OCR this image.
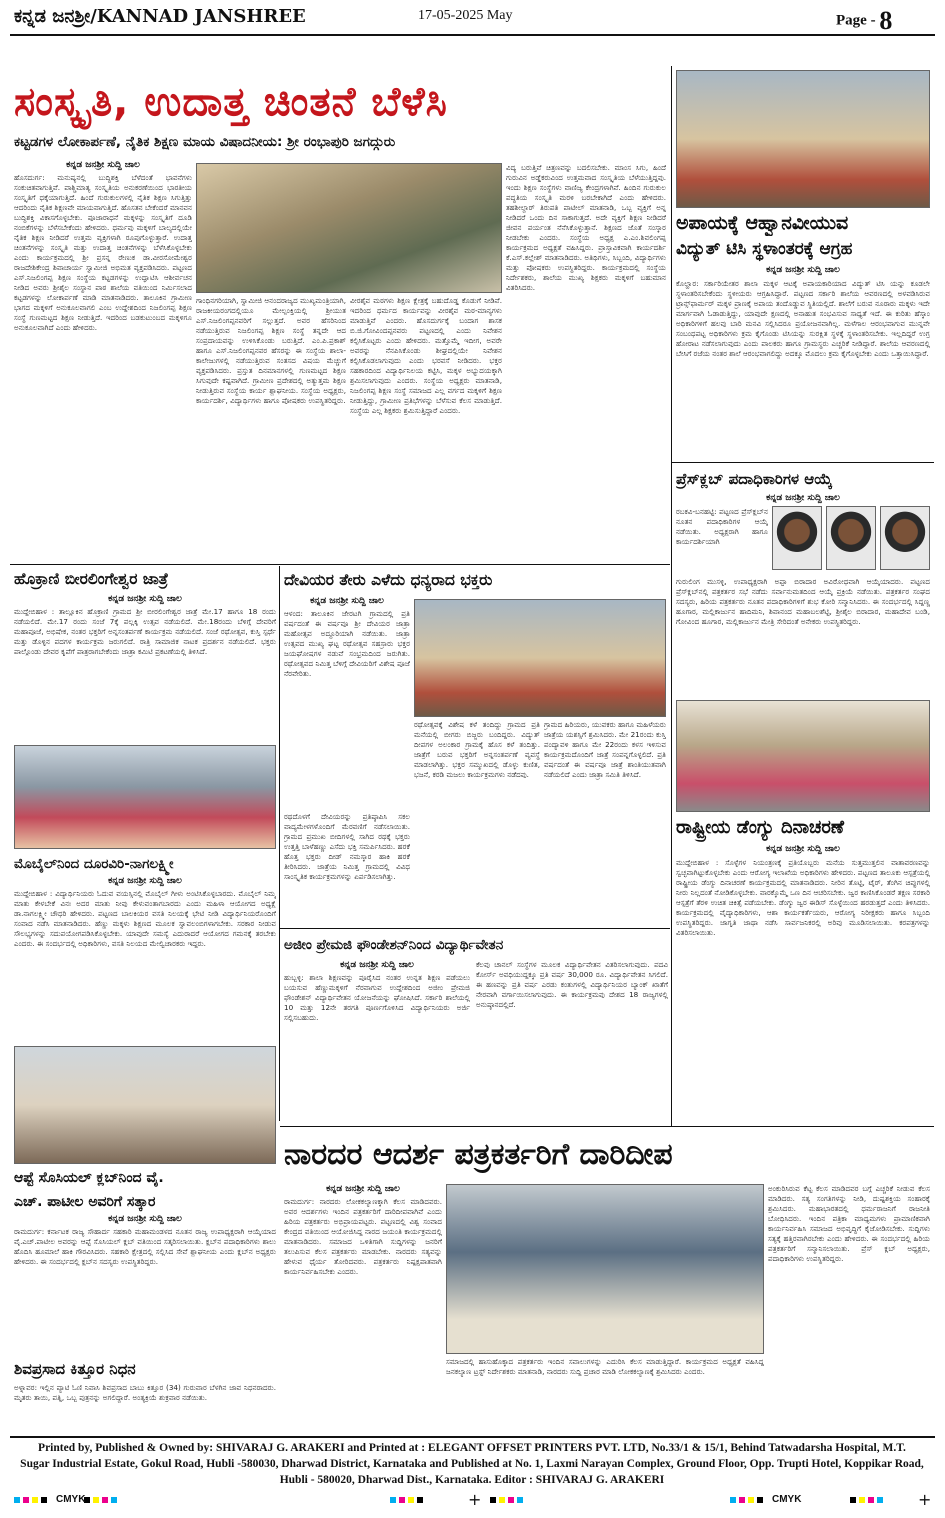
ಕನ್ನಡ ಜನಶ್ರೀ/KANNAD JANSHREE	17-05-2025 May	Page - 8
ಸಂಸ್ಕೃತಿ, ಉದಾತ್ತ ಚಿಂತನೆ ಬೆಳೆಸಿ
ಕಟ್ಟಡಗಳ ಲೋಕಾರ್ಪಣೆ, ನೈತಿಕ ಶಿಕ್ಷಣ ಮಾಯ ವಿಷಾದನೀಯ: ಶ್ರೀ ರಂಭಾಪುರಿ ಜಗದ್ಗುರು
ಕನ್ನಡ ಜನಶ್ರೀ ಸುದ್ದಿ ಜಾಲ
ಹೊಸದುರ್ಗ: ಮನುಷ್ಯನಲ್ಲಿ ಬುದ್ಧಿಶಕ್ತಿ ಬೆಳೆದಂತೆ ಭಾವನೆಗಳು ಸಂಕುಚಿತವಾಗುತ್ತಿವೆ. ಪಾಶ್ಚಿಮಾತ್ಯ ಸಂಸ್ಕೃತಿಯ ಅನುಕರಣೆಯಿಂದ ಭಾರತೀಯ ಸಂಸ್ಕೃತಿಗೆ ಧಕ್ಕೆಯಾಗುತ್ತಿದೆ. ಹಿಂದೆ ಗುರುಕುಲಗಳಲ್ಲಿ ನೈತಿಕ ಶಿಕ್ಷಣ ಸಿಗುತ್ತಿತ್ತು ಆದರಿಂದು ನೈತಿಕ ಶಿಕ್ಷಣವೇ ಮಾಯವಾಗುತ್ತಿದೆ. ಹೊಸತನ ಬೇಕೆಂದರೆ ಮಾನವನ ಬುದ್ಧಿಶಕ್ತಿ ವಿಕಾಸಗೊಳ್ಳಬೇಕು. ಪೂಜಾರಾಧನೆ ಮಕ್ಕಳನ್ನು ಸಂಸ್ಕೃತಿಗೆ ದೂಡಿ ನಂಬಿಕೆಗಳನ್ನು ಬೆಳೆಸಬೇಕೆಂದು ಹೇಳಿದರು. ಧರ್ಮವು ಮಕ್ಕಳಿಗೆ ಬಾಲ್ಯದಲ್ಲಿಯೇ ನೈತಿಕ ಶಿಕ್ಷಣ ನೀಡಿದರೆ ಉತ್ತಮ ವ್ಯಕ್ತಿಗಳಾಗಿ ರೂಪುಗೊಳ್ಳುತ್ತಾರೆ. ಉದಾತ್ತ ಚಿಂತನೆಗಳನ್ನು ಸಂಸ್ಕೃತಿ ಮತ್ತು ಉದಾತ್ತ ಚಿಂತನೆಗಳನ್ನು ಬೆಳೆಸಿಕೊಳ್ಳಬೇಕು ಎಂದು ಕಾರ್ಯಕ್ರಮದಲ್ಲಿ ಶ್ರೀ ಪ್ರಸನ್ನ ರೇಣುಕ ಡಾ.ವೀರಸೋಮೇಶ್ವರ ರಾಜದೇಶಿಕೇಂದ್ರ ಶಿವಾಚಾರ್ಯ ಸ್ವಾಮೀಜಿ ಅಭಿಮತ ವ್ಯಕ್ತಪಡಿಸಿದರು. ಪಟ್ಟಣದ ಎಸ್.ನಿಜಲಿಂಗಪ್ಪ ಶಿಕ್ಷಣ ಸಂಸ್ಥೆಯ ಕಟ್ಟಡಗಳನ್ನು ಉದ್ಘಾಟಿಸಿ ಆಶೀರ್ವಚನ ನೀಡಿದ ಅವರು ಶ್ರೀಶೈಲ ಸಂಸ್ಥಾನ ಪಾಠ ಶಾಲೆಯ ವತಿಯಿಂದ ನಿರ್ಮಿಸಲಾದ ಕಟ್ಟಡಗಳನ್ನು ಲೋಕಾರ್ಪಣೆ ಮಾಡಿ ಮಾತನಾಡಿದರು. ತಾಲೂಕಿನ ಗ್ರಾಮೀಣ ಭಾಗದ ಮಕ್ಕಳಿಗೆ ಅನುಕೂಲವಾಗಲಿ ಎಂಬ ಉದ್ದೇಶದಿಂದ ನಿಜಲಿಂಗಪ್ಪ ಶಿಕ್ಷಣ ಸಂಸ್ಥೆ ಗುಣಮಟ್ಟದ ಶಿಕ್ಷಣ ನೀಡುತ್ತಿದೆ. ಇದರಿಂದ ಬಡಕುಟುಂಬದ ಮಕ್ಕಳಿಗೂ ಅನುಕೂಲವಾಗಿದೆ ಎಂದು ಹೇಳಿದರು.
ಗಾಂಧಿನಗರಿಯಾಗಿ, ಸ್ವಾಮೀಜಿ ಆನಂದರಾಜ್ಯದ ಮುಖ್ಯಮಂತ್ರಿಯಾಗಿ, ರಾಜಕೀಯರಂಗದಲ್ಲಿಯೂ ಮೇಲ್ಪಂಕ್ತಿಯಲ್ಲಿ ಶ್ರೀಯುತ ಎಸ್.ನಿಜಲಿಂಗಪ್ಪನವರಿಗೆ ಸಲ್ಲುತ್ತದೆ. ಅವರ ಹೆಸರಿನಿಂದ ನಡೆಯುತ್ತಿರುವ ನಿಜಲಿಂಗಪ್ಪ ಶಿಕ್ಷಣ ಸಂಸ್ಥೆ ತನ್ನದೇ ಆದ ಸಂಪ್ರದಾಯವನ್ನು ಉಳಿಸಿಕೊಂಡು ಬರುತ್ತಿದೆ. ಎಂ.ಪಿ.ಪ್ರಕಾಶ್ ಹಾಗೂ ಎಸ್.ನಿಜಲಿಂಗಪ್ಪನವರ ಹೆಸರನ್ನು ಈ ಸಂಸ್ಥೆಯ ಶಾಲಾ-ಕಾಲೇಜುಗಳಲ್ಲಿ ನಡೆಯುತ್ತಿರುವ ಸಂತಸದ ವಿಷಯ ಮೆಚ್ಚುಗೆ ವ್ಯಕ್ತಪಡಿಸಿದರು. ಪ್ರಸ್ತುತ ದಿನಮಾನಗಳಲ್ಲಿ ಗುಣಮಟ್ಟದ ಶಿಕ್ಷಣ ಸಿಗುವುದೇ ಕಷ್ಟವಾಗಿದೆ. ಗ್ರಾಮೀಣ ಪ್ರದೇಶದಲ್ಲಿ ಅತ್ಯುತ್ತಮ ಶಿಕ್ಷಣ ನೀಡುತ್ತಿರುವ ಸಂಸ್ಥೆಯ ಕಾರ್ಯ ಶ್ಲಾಘನೀಯ. ಸಂಸ್ಥೆಯ ಅಧ್ಯಕ್ಷರು, ಕಾರ್ಯದರ್ಶಿ, ವಿದ್ಯಾರ್ಥಿಗಳು ಹಾಗೂ ಪೋಷಕರು ಉಪಸ್ಥಿತರಿದ್ದರು.
ವೀರಶೈವ ಮಠಗಳು ಶಿಕ್ಷಣ ಕ್ಷೇತ್ರಕ್ಕೆ ಬಹುದೊಡ್ಡ ಕೊಡುಗೆ ನೀಡಿವೆ. ಇದರಿಂದ ಧರ್ಮದ ಕಾರ್ಯವನ್ನು ವೀರಶೈವ ಮಠ-ಮಾನ್ಯಗಳು ಮಾಡುತ್ತಿವೆ ಎಂದರು. ಹೊಸದುರ್ಗಕ್ಕೆ ಬಂದಾಗ ಶಾಸಕ ಬಿ.ಜಿ.ಗೋವಿಂದಪ್ಪನವರು ಪಟ್ಟಣದಲ್ಲಿ ಎಂದು ನಿವೇಶನ ಕಲ್ಪಿಸಿಕೊಟ್ಟರು ಎಂದು ಹೇಳಿದರು. ಮತ್ತೊಮ್ಮೆ ಇದೀಗ, ಅವರೇ ಅವರನ್ನು ನೆನಪಿಸಿಕೊಂಡು ಶೀಘ್ರದಲ್ಲಿಯೇ ನಿವೇಶನ ಕಲ್ಪಿಸಿಕೊಡಲಾಗುವುದು ಎಂದು ಭರವಸೆ ನೀಡಿದರು. ಭಕ್ತರ ಸಹಕಾರದಿಂದ ವಿದ್ಯಾರ್ಥಿನಿಲಯ ಕಟ್ಟಿಸಿ, ಮಕ್ಕಳ ಅಭ್ಯುದಯಕ್ಕಾಗಿ ಶ್ರಮಿಸಲಾಗುವುದು ಎಂದರು. ಸಂಸ್ಥೆಯ ಅಧ್ಯಕ್ಷರು ಮಾತನಾಡಿ, ನಿಜಲಿಂಗಪ್ಪ ಶಿಕ್ಷಣ ಸಂಸ್ಥೆ ಸಮಾಜದ ಎಲ್ಲ ವರ್ಗದ ಮಕ್ಕಳಿಗೆ ಶಿಕ್ಷಣ ನೀಡುತ್ತಿದ್ದು, ಗ್ರಾಮೀಣ ಪ್ರತಿಭೆಗಳನ್ನು ಬೆಳೆಸುವ ಕೆಲಸ ಮಾಡುತ್ತಿದೆ. ಸಂಸ್ಥೆಯ ಎಲ್ಲ ಶಿಕ್ಷಕರು ಶ್ರಮಿಸುತ್ತಿದ್ದಾರೆ ಎಂದರು.
ವಿದ್ಯ ಬರುತ್ತಿವೆ ಚಿತ್ರಣವನ್ನು ಬದಲಿಸಬೇಕು. ಮಾಂಸ ಸಿಗು, ಹಿಂದೆ ಗುರುವಿನ ಅಡ್ಡೆಕರುವಿಂದ ಉತ್ತಮವಾದ ಸಂಸ್ಕೃತಿಯ ಬೆಳೆಯುತ್ತಿದ್ದವು. ಇಂದು ಶಿಕ್ಷಣ ಸಂಸ್ಥೆಗಳು ವಾಣಿಜ್ಯ ಕೇಂದ್ರಗಳಾಗಿವೆ. ಹಿಂದಿನ ಗುರುಕುಲ ಪದ್ಧತಿಯ ಸಂಸ್ಕೃತಿ ಮರಳಿ ಬರಬೇಕಾಗಿದೆ ಎಂದು ಹೇಳಿದರು. ತಹಶೀಲ್ದಾರ್ ತಿರುಪತಿ ಪಾಟೀಲ್ ಮಾತನಾಡಿ, ಒಬ್ಬ ವ್ಯಕ್ತಿಗೆ ಅನ್ನ ನೀಡಿದರೆ ಒಂದು ದಿನ ಸಾಕಾಗುತ್ತದೆ. ಅದೇ ವ್ಯಕ್ತಿಗೆ ಶಿಕ್ಷಣ ನೀಡಿದರೆ ಜೀವನ ಪರ್ಯಂತ ನೆನೆಸಿಕೊಳ್ಳುತ್ತಾನೆ. ಶಿಕ್ಷಣದ ಜೊತೆ ಸಂಸ್ಕಾರ ನೀಡಬೇಕು ಎಂದರು. ಸಂಸ್ಥೆಯ ಅಧ್ಯಕ್ಷ ಎ.ಎಂ.ಶಿವಲಿಂಗಪ್ಪ ಕಾರ್ಯಕ್ರಮದ ಅಧ್ಯಕ್ಷತೆ ವಹಿಸಿದ್ದರು. ಪ್ರಾಸ್ತಾವಿಕವಾಗಿ ಕಾರ್ಯದರ್ಶಿ ಕೆ.ಎಸ್.ಕಲ್ಲೇಶ್ ಮಾತನಾಡಿದರು. ಅತಿಥಿಗಳು, ಸಿಬ್ಬಂದಿ, ವಿದ್ಯಾರ್ಥಿಗಳು ಮತ್ತು ಪೋಷಕರು ಉಪಸ್ಥಿತರಿದ್ದರು. ಕಾರ್ಯಕ್ರಮದಲ್ಲಿ ಸಂಸ್ಥೆಯ ನಿರ್ದೇಶಕರು, ಶಾಲೆಯ ಮುಖ್ಯ ಶಿಕ್ಷಕರು ಮಕ್ಕಳಿಗೆ ಬಹುಮಾನ ವಿತರಿಸಿದರು.
ಅಪಾಯಕ್ಕೆ ಆಹ್ವಾನವೀಯುವ
ವಿದ್ಯುತ್ ಟಿಸಿ ಸ್ಥಳಾಂತರಕ್ಕೆ ಆಗ್ರಹ
ಕನ್ನಡ ಜನಶ್ರೀ ಸುದ್ದಿ ಜಾಲ
ಕೊಲ್ಹಾರ: ಸರ್ಕಾರಿಯೇತರ ಶಾಲಾ ಮಕ್ಕಳ ಆಟಕ್ಕೆ ಅಪಾಯಕಾರಿಯಾದ ವಿದ್ಯುತ್ ಟಿಸಿ ಯನ್ನು ಕೂಡಲೇ ಸ್ಥಳಾಂತರಿಸಬೇಕೆಂದು ಸ್ಥಳೀಯರು ಆಗ್ರಹಿಸಿದ್ದಾರೆ. ಪಟ್ಟಣದ ಸರ್ಕಾರಿ ಶಾಲೆಯ ಆವರಣದಲ್ಲಿ ಅಳವಡಿಸಿರುವ ಟ್ರಾನ್ಸ್‌ಫಾರ್ಮರ್ ಮಕ್ಕಳ ಪ್ರಾಣಕ್ಕೆ ಅಪಾಯ ತಂದೊಡ್ಡುವ ಸ್ಥಿತಿಯಲ್ಲಿದೆ. ಶಾಲೆಗೆ ಬರುವ ನೂರಾರು ಮಕ್ಕಳು ಇದೇ ಮಾರ್ಗವಾಗಿ ಓಡಾಡುತ್ತಿದ್ದು, ಯಾವುದೇ ಕ್ಷಣದಲ್ಲಿ ಅನಾಹುತ ಸಂಭವಿಸುವ ಸಾಧ್ಯತೆ ಇದೆ. ಈ ಕುರಿತು ಹೆಸ್ಕಾಂ ಅಧಿಕಾರಿಗಳಿಗೆ ಹಲವು ಬಾರಿ ಮನವಿ ಸಲ್ಲಿಸಿದರೂ ಪ್ರಯೋಜನವಾಗಿಲ್ಲ. ಮಳೆಗಾಲ ಆರಂಭವಾಗುವ ಮುನ್ನವೇ ಸಂಬಂಧಪಟ್ಟ ಅಧಿಕಾರಿಗಳು ಕ್ರಮ ಕೈಗೊಂಡು ಟಿಸಿಯನ್ನು ಸುರಕ್ಷಿತ ಸ್ಥಳಕ್ಕೆ ಸ್ಥಳಾಂತರಿಸಬೇಕು. ಇಲ್ಲದಿದ್ದರೆ ಉಗ್ರ ಹೋರಾಟ ನಡೆಸಲಾಗುವುದು ಎಂದು ಪಾಲಕರು ಹಾಗೂ ಗ್ರಾಮಸ್ಥರು ಎಚ್ಚರಿಕೆ ನೀಡಿದ್ದಾರೆ. ಶಾಲೆಯ ಆವರಣದಲ್ಲಿ ಬೇಸಿಗೆ ರಜೆಯ ನಂತರ ಶಾಲೆ ಆರಂಭವಾಗಲಿದ್ದು ಅದಕ್ಕೂ ಮೊದಲು ಕ್ರಮ ಕೈಗೊಳ್ಳಬೇಕು ಎಂದು ಒತ್ತಾಯಿಸಿದ್ದಾರೆ.
ಪ್ರೆಸ್‌ಕ್ಲಬ್ ಪದಾಧಿಕಾರಿಗಳ ಆಯ್ಕೆ
ಕನ್ನಡ ಜನಶ್ರೀ ಸುದ್ದಿ ಜಾಲ
ರಬಕವಿ-ಬನಹಟ್ಟಿ: ಪಟ್ಟಣದ ಪ್ರೆಸ್‌ಕ್ಲಬ್‌ನ ನೂತನ ಪದಾಧಿಕಾರಿಗಳ ಆಯ್ಕೆ ನಡೆಯಿತು. ಅಧ್ಯಕ್ಷರಾಗಿ ಹಾಗೂ ಕಾರ್ಯದರ್ಶಿಯಾಗಿ
ಗುರುಲಿಂಗ ಮುಸಳ್ಳಿ, ಉಪಾಧ್ಯಕ್ಷರಾಗಿ ಅಪ್ಪಾ ಬಿರಾದಾರ ಅವಿರೋಧವಾಗಿ ಆಯ್ಕೆಯಾದರು. ಪಟ್ಟಣದ ಪ್ರೆಸ್‌ಕ್ಲಬ್‌ನಲ್ಲಿ ಪತ್ರಕರ್ತರ ಸಭೆ ನಡೆದು ಸರ್ವಾನುಮತದಿಂದ ಆಯ್ಕೆ ಪ್ರಕ್ರಿಯೆ ನಡೆಯಿತು. ಪತ್ರಕರ್ತರ ಸಂಘದ ಸದಸ್ಯರು, ಹಿರಿಯ ಪತ್ರಕರ್ತರು ನೂತನ ಪದಾಧಿಕಾರಿಗಳಿಗೆ ಶುಭ ಕೋರಿ ಸನ್ಮಾನಿಸಿದರು. ಈ ಸಂದರ್ಭದಲ್ಲಿ ಸಿದ್ದಣ್ಣ ಹೂಗಾರ, ಮಲ್ಲಿಕಾರ್ಜುನ ಹಾದಿಮನಿ, ಶಿವಾನಂದ ಮಹಾಬಲಶೆಟ್ಟಿ, ಶ್ರೀಶೈಲ ಬಿರಾದಾರ, ಮಹಾದೇವ ಬಂಡಿ, ಗೋವಿಂದ ಹೂಗಾರ, ಮಲ್ಲಿಕಾರ್ಜುನ ಮೇತ್ರಿ ಸೇರಿದಂತೆ ಅನೇಕರು ಉಪಸ್ಥಿತರಿದ್ದರು.
ರಾಷ್ಟ್ರೀಯ ಡೆಂಗ್ಯು ದಿನಾಚರಣೆ
ಕನ್ನಡ ಜನಶ್ರೀ ಸುದ್ದಿ ಜಾಲ
ಮುದ್ದೇಬಿಹಾಳ : ಸೊಳ್ಳೆಗಳ ನಿಯಂತ್ರಣಕ್ಕೆ ಪ್ರತಿಯೊಬ್ಬರು ಮನೆಯ ಸುತ್ತಮುತ್ತಲಿನ ವಾತಾವರಣವನ್ನು ಸ್ವಚ್ಛವಾಗಿಟ್ಟುಕೊಳ್ಳಬೇಕು ಎಂದು ಆರೋಗ್ಯ ಇಲಾಖೆಯ ಅಧಿಕಾರಿಗಳು ಹೇಳಿದರು. ಪಟ್ಟಣದ ತಾಲೂಕು ಆಸ್ಪತ್ರೆಯಲ್ಲಿ ರಾಷ್ಟ್ರೀಯ ಡೆಂಗ್ಯು ದಿನಾಚರಣೆ ಕಾರ್ಯಕ್ರಮದಲ್ಲಿ ಮಾತನಾಡಿದರು. ನೀರಿನ ತೊಟ್ಟಿ, ಟೈರ್, ತೆಂಗಿನ ಚಿಪ್ಪುಗಳಲ್ಲಿ ನೀರು ನಿಲ್ಲದಂತೆ ನೋಡಿಕೊಳ್ಳಬೇಕು. ವಾರಕ್ಕೊಮ್ಮೆ ಒಣ ದಿನ ಆಚರಿಸಬೇಕು. ಜ್ವರ ಕಾಣಿಸಿಕೊಂಡರೆ ತಕ್ಷಣ ಸರಕಾರಿ ಆಸ್ಪತ್ರೆಗೆ ತೆರಳಿ ಉಚಿತ ಚಿಕಿತ್ಸೆ ಪಡೆಯಬೇಕು. ಡೆಂಗ್ಯು ಜ್ವರ ಈಡಿಸ್ ಸೊಳ್ಳೆಯಿಂದ ಹರಡುತ್ತದೆ ಎಂದು ತಿಳಿಸಿದರು. ಕಾರ್ಯಕ್ರಮದಲ್ಲಿ ವೈದ್ಯಾಧಿಕಾರಿಗಳು, ಆಶಾ ಕಾರ್ಯಕರ್ತೆಯರು, ಆರೋಗ್ಯ ನಿರೀಕ್ಷಕರು ಹಾಗೂ ಸಿಬ್ಬಂದಿ ಉಪಸ್ಥಿತರಿದ್ದರು. ಜಾಗೃತಿ ಜಾಥಾ ನಡೆಸಿ ಸಾರ್ವಜನಿಕರಲ್ಲಿ ಅರಿವು ಮೂಡಿಸಲಾಯಿತು. ಕರಪತ್ರಗಳನ್ನು ವಿತರಿಸಲಾಯಿತು.
ಹೊಕ್ರಾಣಿ ಬೀರಲಿಂಗೇಶ್ವರ ಜಾತ್ರೆ
ಕನ್ನಡ ಜನಶ್ರೀ ಸುದ್ದಿ ಜಾಲ
ಮುದ್ದೇಬಿಹಾಳ : ತಾಲ್ಲೂಕಿನ ಹೊಕ್ರಾಣಿ ಗ್ರಾಮದ ಶ್ರೀ ಬೀರಲಿಂಗೇಶ್ವರ ಜಾತ್ರೆ ಮೇ.17 ಹಾಗೂ 18 ರಂದು ನಡೆಯಲಿದೆ. ಮೇ.17 ರಂದು ಸಂಜೆ 7ಕ್ಕೆ ಪಲ್ಲಕ್ಕಿ ಉತ್ಸವ ನಡೆಯಲಿದೆ. ಮೇ.18ರಂದು ಬೆಳಿಗ್ಗೆ ದೇವರಿಗೆ ಮಹಾಪೂಜೆ, ಅಭಿಷೇಕ, ನಂತರ ಭಕ್ತರಿಗೆ ಅನ್ನಸಂತರ್ಪಣೆ ಕಾರ್ಯಕ್ರಮ ನಡೆಯಲಿದೆ. ಸಂಜೆ ರಥೋತ್ಸವ, ಕುಸ್ತಿ ಸ್ಪರ್ಧೆ ಮತ್ತು ಡೊಳ್ಳಿನ ಪದಗಳ ಕಾರ್ಯಕ್ರಮ ಜರುಗಲಿದೆ. ರಾತ್ರಿ ಸಾಮಾಜಿಕ ನಾಟಕ ಪ್ರದರ್ಶನ ನಡೆಯಲಿದೆ. ಭಕ್ತರು ಪಾಲ್ಗೊಂಡು ದೇವರ ಕೃಪೆಗೆ ಪಾತ್ರರಾಗಬೇಕೆಂದು ಜಾತ್ರಾ ಕಮಿಟಿ ಪ್ರಕಟಣೆಯಲ್ಲಿ ತಿಳಿಸಿದೆ.
ಮೊಬೈಲ್‌ನಿಂದ ದೂರವಿರಿ-ನಾಗಲಕ್ಷ್ಮೀ
ಕನ್ನಡ ಜನಶ್ರೀ ಸುದ್ದಿ ಜಾಲ
ಮುದ್ದೇಬಿಹಾಳ : ವಿದ್ಯಾರ್ಥಿನಿಯರು ಓದುವ ವಯಸ್ಸಿನಲ್ಲಿ ಮೊಬೈಲ್ ಗೀಳು ಅಂಟಿಸಿಕೊಳ್ಳಬಾರದು. ಮೊಬೈಲ್ ನಿಮ್ಮ ಮಾತು ಕೇಳಬೇಕೆ ವಿನಃ ಅದರ ಮಾತು ನೀವು ಕೇಳುವಂತಾಗಬಾರದು ಎಂದು ಮಹಿಳಾ ಆಯೋಗದ ಅಧ್ಯಕ್ಷೆ ಡಾ.ನಾಗಲಕ್ಷ್ಮೀ ಚೌಧರಿ ಹೇಳಿದರು. ಪಟ್ಟಣದ ಬಾಲಕಿಯರ ವಸತಿ ನಿಲಯಕ್ಕೆ ಭೇಟಿ ನೀಡಿ ವಿದ್ಯಾರ್ಥಿನಿಯರೊಂದಿಗೆ ಸಂವಾದ ನಡೆಸಿ ಮಾತನಾಡಿದರು. ಹೆಣ್ಣು ಮಕ್ಕಳು ಶಿಕ್ಷಣದ ಮೂಲಕ ಸ್ವಾವಲಂಬಿಗಳಾಗಬೇಕು. ಸರಕಾರ ನೀಡುವ ಸೌಲಭ್ಯಗಳನ್ನು ಸದುಪಯೋಗಪಡಿಸಿಕೊಳ್ಳಬೇಕು. ಯಾವುದೇ ಸಮಸ್ಯೆ ಎದುರಾದರೆ ಆಯೋಗದ ಗಮನಕ್ಕೆ ತರಬೇಕು ಎಂದರು. ಈ ಸಂದರ್ಭದಲ್ಲಿ ಅಧಿಕಾರಿಗಳು, ವಸತಿ ನಿಲಯದ ಮೇಲ್ವಿಚಾರಕರು ಇದ್ದರು.
ಆಪ್ಟೆ ಸೊಸಿಯಲ್ ಕ್ಲಬ್‌ನಿಂದ ವೈ.
ಎಚ್. ಪಾಟೀಲ ಅವರಿಗೆ ಸತ್ಕಾರ
ಕನ್ನಡ ಜನಶ್ರೀ ಸುದ್ದಿ ಜಾಲ
ರಾಮದುರ್ಗ: ಕರ್ನಾಟಕ ರಾಜ್ಯ ಸೌಹಾರ್ದ ಸಹಕಾರಿ ಮಹಾಮಂಡಳದ ನೂತನ ರಾಜ್ಯ ಉಪಾಧ್ಯಕ್ಷರಾಗಿ ಆಯ್ಕೆಯಾದ ವೈ.ಎಚ್.ಪಾಟೀಲ ಅವರನ್ನು ಆಪ್ಟೆ ಸೊಸಿಯಲ್ ಕ್ಲಬ್ ವತಿಯಿಂದ ಸತ್ಕರಿಸಲಾಯಿತು. ಕ್ಲಬ್‌ನ ಪದಾಧಿಕಾರಿಗಳು ಶಾಲು ಹೊದಿಸಿ ಹೂಮಾಲೆ ಹಾಕಿ ಗೌರವಿಸಿದರು. ಸಹಕಾರಿ ಕ್ಷೇತ್ರದಲ್ಲಿ ಸಲ್ಲಿಸಿದ ಸೇವೆ ಶ್ಲಾಘನೀಯ ಎಂದು ಕ್ಲಬ್‌ನ ಅಧ್ಯಕ್ಷರು ಹೇಳಿದರು. ಈ ಸಂದರ್ಭದಲ್ಲಿ ಕ್ಲಬ್‌ನ ಸದಸ್ಯರು ಉಪಸ್ಥಿತರಿದ್ದರು.
ಶಿವಪ್ರಸಾದ ಕಿತ್ತೂರ ನಿಧನ
ಅಳ್ನಾವರ: ಇಲ್ಲಿನ ಪ್ಯಾಟಿ ಓಣಿ ನಿವಾಸಿ ಶಿವಪ್ರಸಾದ ಬಾಬು ಕಿತ್ತೂರ (34) ಗುರುವಾರ ಬೆಳಗಿನ ಜಾವ ನಿಧನರಾದರು. ಮೃತರು ತಾಯಿ, ಪತ್ನಿ, ಒಬ್ಬ ಪುತ್ರನನ್ನು ಅಗಲಿದ್ದಾರೆ. ಅಂತ್ಯಕ್ರಿಯೆ ಶುಕ್ರವಾರ ನಡೆಯಿತು.
ದೇವಿಯರ ತೇರು ಎಳೆದು ಧನ್ಯರಾದ ಭಕ್ತರು
ಕನ್ನಡ ಜನಶ್ರೀ ಸುದ್ದಿ ಜಾಲ
ಆಳಂದ: ತಾಲೂಕಿನ ಜೇರಟಗಿ ಗ್ರಾಮದಲ್ಲಿ ಪ್ರತಿ ವರ್ಷದಂತೆ ಈ ವರ್ಷವೂ ಶ್ರೀ ದೇವಿಯರ ಜಾತ್ರಾ ಮಹೋತ್ಸವ ಅದ್ದೂರಿಯಾಗಿ ನಡೆಯಿತು. ಜಾತ್ರಾ ಉತ್ಸವದ ಮುಖ್ಯ ಘಟ್ಟ ರಥೋತ್ಸವ ಸಹಸ್ರಾರು ಭಕ್ತರ ಜಯಘೋಷಗಳ ನಡುವೆ ಸಂಭ್ರಮದಿಂದ ಜರುಗಿತು. ರಥೋತ್ಸವದ ನಿಮಿತ್ತ ಬೆಳಿಗ್ಗೆ ದೇವಿಯರಿಗೆ ವಿಶೇಷ ಪೂಜೆ ನೆರವೇರಿತು.
ರಥದೊಳಗೆ ದೇವಿಯರನ್ನು ಪ್ರತಿಷ್ಠಾಪಿಸಿ ಸಕಲ ವಾದ್ಯಮೇಳಗಳೊಂದಿಗೆ ಮೆರವಣಿಗೆ ನಡೆಸಲಾಯಿತು. ಗ್ರಾಮದ ಪ್ರಮುಖ ಬೀದಿಗಳಲ್ಲಿ ಸಾಗಿದ ರಥಕ್ಕೆ ಭಕ್ತರು ಉತ್ತತ್ತಿ ಬಾಳೆಹಣ್ಣು ಎಸೆದು ಭಕ್ತಿ ಸಮರ್ಪಿಸಿದರು. ಹರಕೆ ಹೊತ್ತ ಭಕ್ತರು ದೀಡ್ ನಮಸ್ಕಾರ ಹಾಕಿ ಹರಕೆ ತೀರಿಸಿದರು. ಜಾತ್ರೆಯ ನಿಮಿತ್ತ ಗ್ರಾಮದಲ್ಲಿ ವಿವಿಧ ಸಾಂಸ್ಕೃತಿಕ ಕಾರ್ಯಕ್ರಮಗಳನ್ನು ಏರ್ಪಡಿಸಲಾಗಿತ್ತು.
ರಥೋತ್ಸವಕ್ಕೆ ವಿಶೇಷ ಕಳೆ ತಂದಿದ್ದು ಗ್ರಾಮದ ಪ್ರತಿ ಮನೆಯಲ್ಲಿ ಬೀಗರು ಬಿಜ್ಜರು ಬಂದಿದ್ದರು. ವಿದ್ಯುತ್ ದೀಪಗಳ ಅಲಂಕಾರ ಗ್ರಾಮಕ್ಕೆ ಹೊಸ ಕಳೆ ತಂದಿತ್ತು. ಜಾತ್ರೆಗೆ ಬರುವ ಭಕ್ತರಿಗೆ ಅನ್ನಸಂತರ್ಪಣೆ ವ್ಯವಸ್ಥೆ ಮಾಡಲಾಗಿತ್ತು. ಭಕ್ತರ ಸಮ್ಮುಖದಲ್ಲಿ ಡೊಳ್ಳು ಕುಣಿತ, ಭಜನೆ, ಕರಡಿ ಮಜಲು ಕಾರ್ಯಕ್ರಮಗಳು ನಡೆದವು.
ಗ್ರಾಮದ ಹಿರಿಯರು, ಯುವಕರು ಹಾಗೂ ಮಹಿಳೆಯರು ಜಾತ್ರೆಯ ಯಶಸ್ಸಿಗೆ ಶ್ರಮಿಸಿದರು. ಮೇ 21ರಂದು ಕುಸ್ತಿ ಪಂದ್ಯಾವಳಿ ಹಾಗೂ ಮೇ 22ರಂದು ಕಳಸ ಇಳಿಸುವ ಕಾರ್ಯಕ್ರಮದೊಂದಿಗೆ ಜಾತ್ರೆ ಸಂಪನ್ನಗೊಳ್ಳಲಿದೆ. ಪ್ರತಿ ವರ್ಷದಂತೆ ಈ ವರ್ಷವೂ ಜಾತ್ರೆ ಶಾಂತಿಯುತವಾಗಿ ನಡೆಯಲಿದೆ ಎಂದು ಜಾತ್ರಾ ಸಮಿತಿ ತಿಳಿಸಿದೆ.
ಅಜೀಂ ಪ್ರೇಮಜಿ ಫೌಂಡೇಶನ್‌ನಿಂದ ವಿದ್ಯಾರ್ಥಿವೇತನ
ಕನ್ನಡ ಜನಶ್ರೀ ಸುದ್ದಿ ಜಾಲ
ಹುಬ್ಬಳ್ಳಿ: ಶಾಲಾ ಶಿಕ್ಷಣವನ್ನು ಪೂರೈಸಿದ ನಂತರ ಉನ್ನತ ಶಿಕ್ಷಣ ಪಡೆಯಲು ಬಯಸುವ ಹೆಣ್ಣುಮಕ್ಕಳಿಗೆ ನೆರವಾಗುವ ಉದ್ದೇಶದಿಂದ ಅಜೀಂ ಪ್ರೇಮಜಿ ಫೌಂಡೇಶನ್ ವಿದ್ಯಾರ್ಥಿವೇತನ ಯೋಜನೆಯನ್ನು ಘೋಷಿಸಿದೆ. ಸರ್ಕಾರಿ ಶಾಲೆಯಲ್ಲಿ 10 ಮತ್ತು 12ನೇ ತರಗತಿ ಪೂರ್ಣಗೊಳಿಸಿದ ವಿದ್ಯಾರ್ಥಿನಿಯರು ಅರ್ಜಿ ಸಲ್ಲಿಸಬಹುದು.
ಕೆಲವು ಚಾನಲ್ ಸಂಸ್ಥೆಗಳ ಮೂಲಕ ವಿದ್ಯಾರ್ಥಿವೇತನ ವಿತರಿಸಲಾಗುವುದು. ಪದವಿ ಕೋರ್ಸ್ ಅವಧಿಯುದ್ದಕ್ಕೂ ಪ್ರತಿ ವರ್ಷ 30,000 ರೂ. ವಿದ್ಯಾರ್ಥಿವೇತನ ಸಿಗಲಿದೆ. ಈ ಹಣವನ್ನು ಪ್ರತಿ ವರ್ಷ ಎರಡು ಕಂತುಗಳಲ್ಲಿ ವಿದ್ಯಾರ್ಥಿನಿಯರ ಬ್ಯಾಂಕ್ ಖಾತೆಗೆ ನೇರವಾಗಿ ವರ್ಗಾಯಿಸಲಾಗುವುದು. ಈ ಕಾರ್ಯಕ್ರಮವು ದೇಶದ 18 ರಾಜ್ಯಗಳಲ್ಲಿ ಅನುಷ್ಠಾನದಲ್ಲಿದೆ.
ನಾರದರ ಆದರ್ಶ ಪತ್ರಕರ್ತರಿಗೆ ದಾರಿದೀಪ
ಕನ್ನಡ ಜನಶ್ರೀ ಸುದ್ದಿ ಜಾಲ
ರಾಮದುರ್ಗ: ನಾರದರು ಲೋಕಕಲ್ಯಾಣಕ್ಕಾಗಿ ಕೆಲಸ ಮಾಡಿದವರು. ಅವರ ಆದರ್ಶಗಳು ಇಂದಿನ ಪತ್ರಕರ್ತರಿಗೆ ದಾರಿದೀಪವಾಗಿವೆ ಎಂದು ಹಿರಿಯ ಪತ್ರಕರ್ತರು ಅಭಿಪ್ರಾಯಪಟ್ಟರು. ಪಟ್ಟಣದಲ್ಲಿ ವಿಶ್ವ ಸಂವಾದ ಕೇಂದ್ರದ ವತಿಯಿಂದ ಆಯೋಜಿಸಿದ್ದ ನಾರದ ಜಯಂತಿ ಕಾರ್ಯಕ್ರಮದಲ್ಲಿ ಮಾತನಾಡಿದರು. ಸಮಾಜದ ಒಳಿತಿಗಾಗಿ ಸುದ್ದಿಗಳನ್ನು ಜನರಿಗೆ ತಲುಪಿಸುವ ಕೆಲಸ ಪತ್ರಕರ್ತರು ಮಾಡಬೇಕು. ನಾರದರು ಸತ್ಯವನ್ನು ಹೇಳುವ ಧೈರ್ಯ ತೋರಿದವರು. ಪತ್ರಕರ್ತರು ನಿಷ್ಪಕ್ಷಪಾತವಾಗಿ ಕಾರ್ಯನಿರ್ವಹಿಸಬೇಕು ಎಂದರು.
ಸಮಾಜದಲ್ಲಿ ಹಾಸುಹೊಕ್ಕಾದ ಪತ್ರಕರ್ತರು ಇಂದಿನ ಸವಾಲುಗಳನ್ನು ಎದುರಿಸಿ ಕೆಲಸ ಮಾಡುತ್ತಿದ್ದಾರೆ. ಕಾರ್ಯಕ್ರಮದ ಅಧ್ಯಕ್ಷತೆ ವಹಿಸಿದ್ದ ಜನಕಲ್ಯಾಣ ಟ್ರಸ್ಟ್ ನಿರ್ದೇಶಕರು ಮಾತನಾಡಿ, ನಾರದರು ಸುದ್ದಿ ಪ್ರಚಾರ ಮಾಡಿ ಲೋಕಕಲ್ಯಾಣಕ್ಕೆ ಶ್ರಮಿಸಿದರು ಎಂದರು.
ಅಂಕುರಿಸಿರುವ ಕೆಟ್ಟ ಕೆಲಸ ಮಾಡಿದವರ ಬಗ್ಗೆ ಎಚ್ಚರಿಕೆ ನೀಡುವ ಕೆಲಸ ಮಾಡಿದರು. ಸತ್ಯ ಸಂಗತಿಗಳನ್ನು ನೀಡಿ, ದುಷ್ಟಶಕ್ತಿಯ ಸಂಹಾರಕ್ಕೆ ಶ್ರಮಿಸಿದರು. ಮಹಾಭಾರತದಲ್ಲಿ ಧರ್ಮರಾಜನಿಗೆ ರಾಜನೀತಿ ಬೋಧಿಸಿದರು. ಇಂದಿನ ಪತ್ರಿಕಾ ಮಾಧ್ಯಮಗಳು ಪ್ರಾಮಾಣಿಕವಾಗಿ ಕಾರ್ಯನಿರ್ವಹಿಸಿ ಸಮಾಜದ ಅಭಿವೃದ್ಧಿಗೆ ಕೈಜೋಡಿಸಬೇಕು. ಸುದ್ದಿಗಳು ಸತ್ಯಕ್ಕೆ ಹತ್ತಿರವಾಗಿರಬೇಕು ಎಂದು ಹೇಳಿದರು. ಈ ಸಂದರ್ಭದಲ್ಲಿ ಹಿರಿಯ ಪತ್ರಕರ್ತರಿಗೆ ಸನ್ಮಾನಿಸಲಾಯಿತು. ಪ್ರೆಸ್ ಕ್ಲಬ್ ಅಧ್ಯಕ್ಷರು, ಪದಾಧಿಕಾರಿಗಳು ಉಪಸ್ಥಿತರಿದ್ದರು.
Printed by, Published & Owned by: SHIVARAJ G. ARAKERI and Printed at : ELEGANT OFFSET PRINTERS PVT. LTD, No.33/1 & 15/1, Behind Tatwadarsha Hospital, M.T.
Sugar Industrial Estate, Gokul Road, Hubli -580030, Dharwad District, Karnataka and Published at No. 1, Laxmi Narayan Complex, Ground Floor, Opp. Trupti Hotel, Koppikar Road,
Hubli - 580020, Dharwad Dist., Karnataka. Editor : SHIVARAJ G. ARAKERI
CMYK	+	CMYK	+
